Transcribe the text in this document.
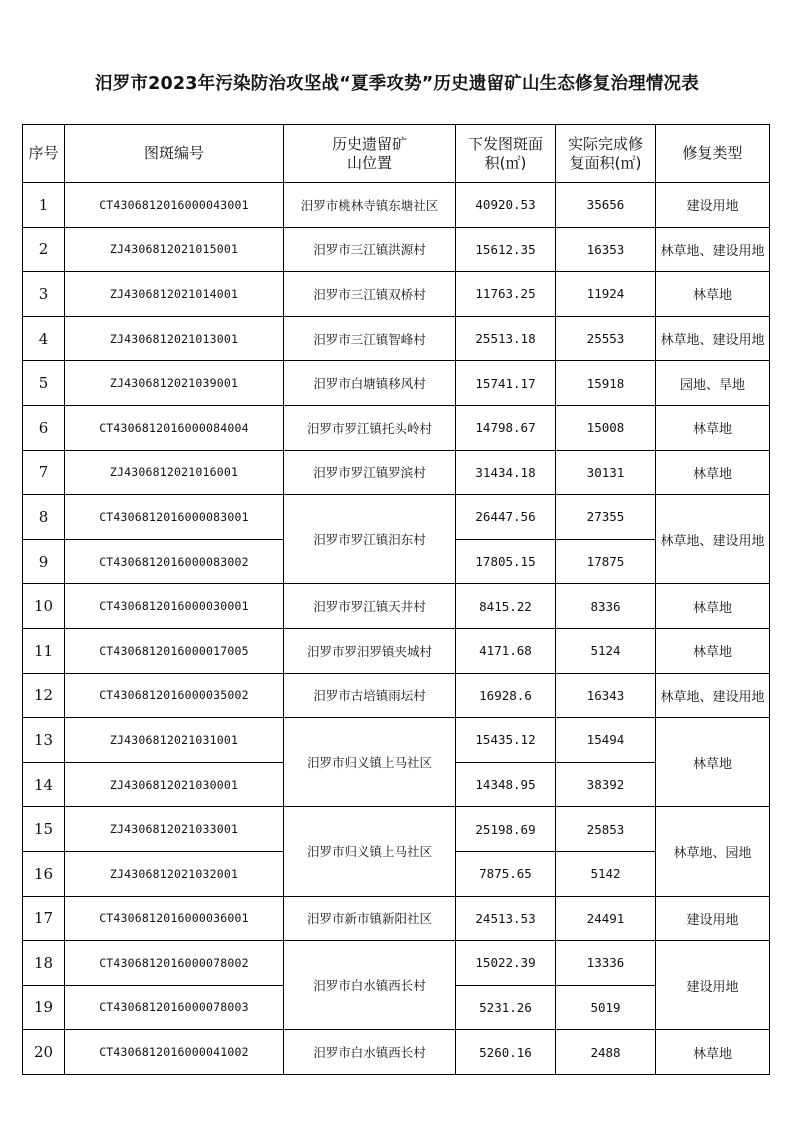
汨罗市2023年污染防治攻坚战“夏季攻势”历史遗留矿山生态修复治理情况表
序号	图斑编号	历史遗留矿山位置	下发图斑面积(㎡)	实际完成修复面积(㎡)	修复类型
1	CT4306812016000043001	汨罗市桃林寺镇东塘社区	40920.53	35656	建设用地
2	ZJ4306812021015001	汨罗市三江镇洪源村	15612.35	16353	林草地、建设用地
3	ZJ4306812021014001	汨罗市三江镇双桥村	11763.25	11924	林草地
4	ZJ4306812021013001	汨罗市三江镇智峰村	25513.18	25553	林草地、建设用地
5	ZJ4306812021039001	汨罗市白塘镇移风村	15741.17	15918	园地、旱地
6	CT4306812016000084004	汨罗市罗江镇托头岭村	14798.67	15008	林草地
7	ZJ4306812021016001	汨罗市罗江镇罗滨村	31434.18	30131	林草地
8	CT4306812016000083001	汨罗市罗江镇汨东村	26447.56	27355	林草地、建设用地
9	CT4306812016000083002		17805.15	17875	
10	CT4306812016000030001	汨罗市罗江镇天井村	8415.22	8336	林草地
11	CT4306812016000017005	汨罗市罗汨罗镇夹城村	4171.68	5124	林草地
12	CT4306812016000035002	汨罗市古培镇雨坛村	16928.6	16343	林草地、建设用地
13	ZJ4306812021031001	汨罗市归义镇上马社区	15435.12	15494	林草地
14	ZJ4306812021030001		14348.95	38392	
15	ZJ4306812021033001	汨罗市归义镇上马社区	25198.69	25853	林草地、园地
16	ZJ4306812021032001		7875.65	5142	
17	CT4306812016000036001	汨罗市新市镇新阳社区	24513.53	24491	建设用地
18	CT4306812016000078002	汨罗市白水镇西长村	15022.39	13336	建设用地
19	CT4306812016000078003		5231.26	5019	
20	CT4306812016000041002	汨罗市白水镇西长村	5260.16	2488	林草地
